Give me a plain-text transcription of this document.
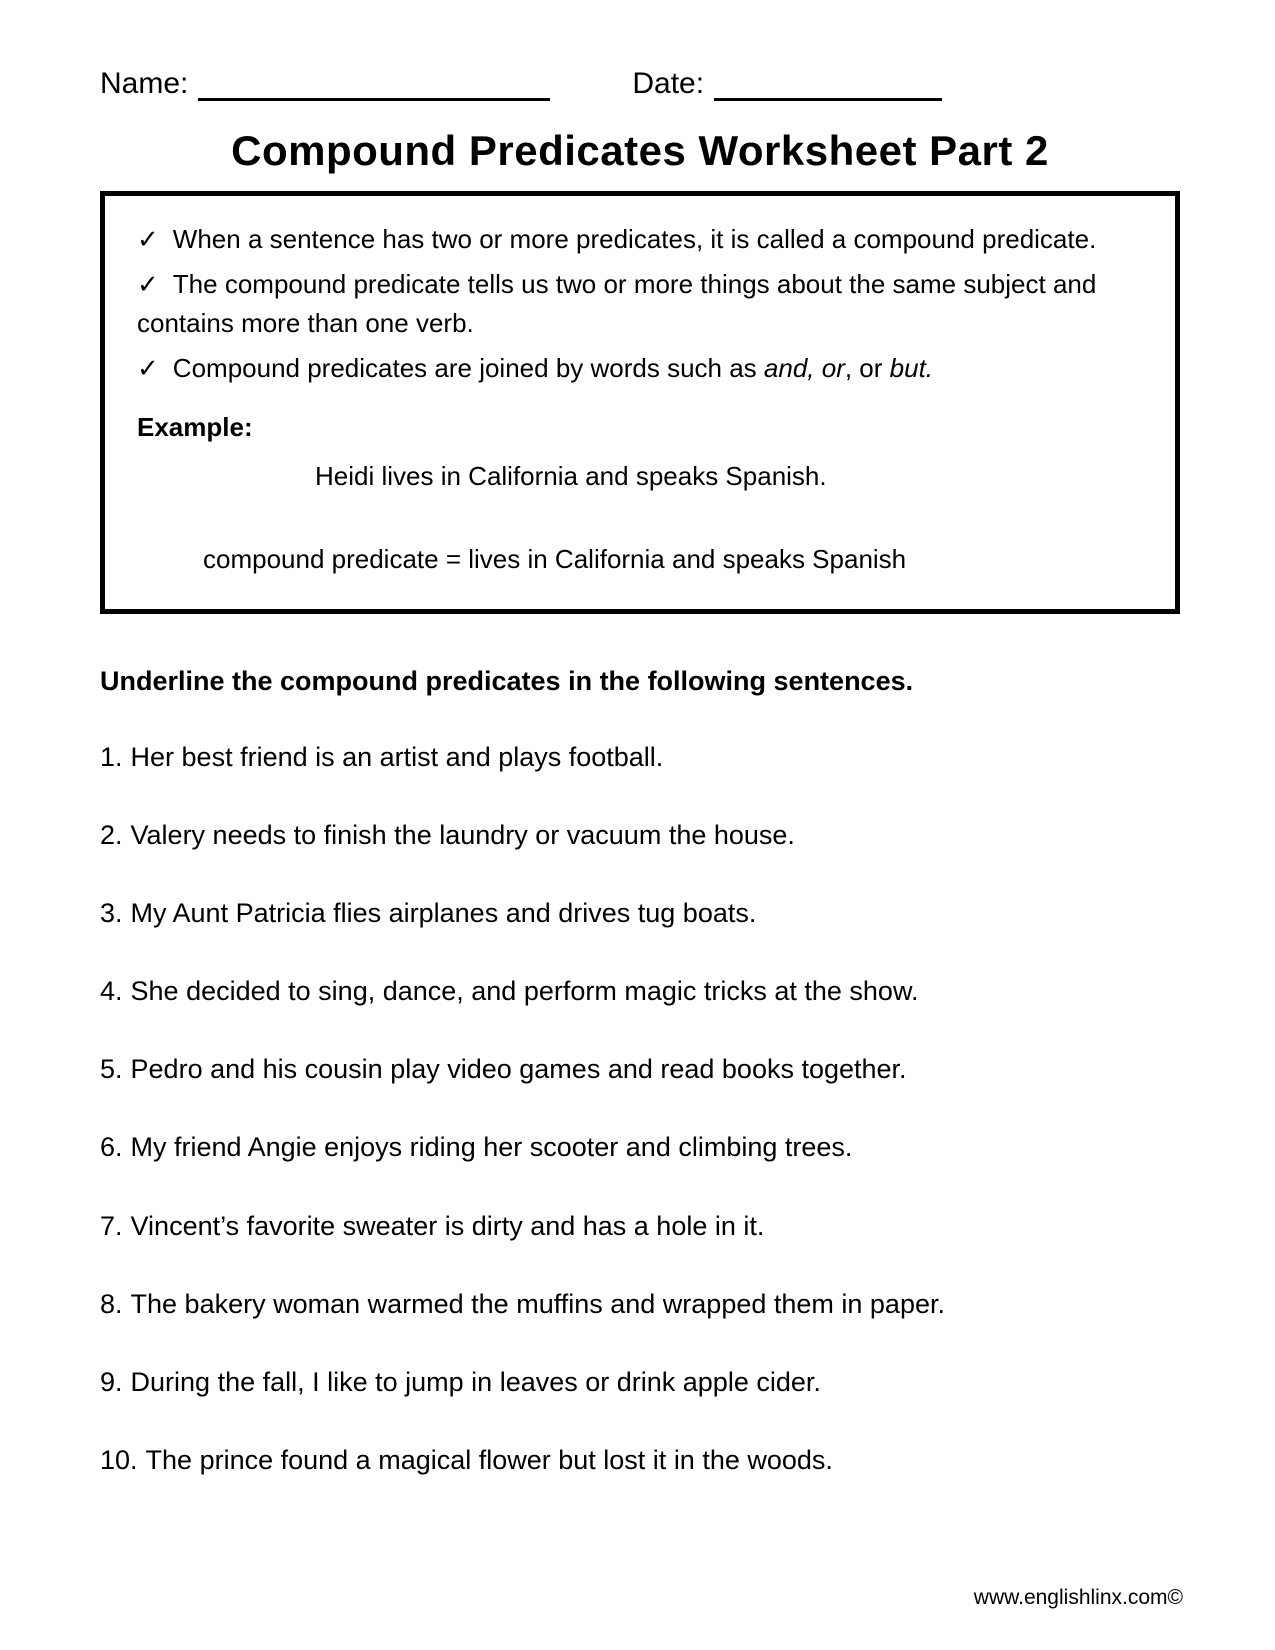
Name:	Date:
Compound Predicates Worksheet Part 2
✓ When a sentence has two or more predicates, it is called a compound predicate.
✓ The compound predicate tells us two or more things about the same subject and contains more than one verb.
✓ Compound predicates are joined by words such as and, or, or but.
Example:
Heidi lives in California and speaks Spanish.
compound predicate = lives in California and speaks Spanish
Underline the compound predicates in the following sentences.
1. Her best friend is an artist and plays football.
2. Valery needs to finish the laundry or vacuum the house.
3. My Aunt Patricia flies airplanes and drives tug boats.
4. She decided to sing, dance, and perform magic tricks at the show.
5. Pedro and his cousin play video games and read books together.
6. My friend Angie enjoys riding her scooter and climbing trees.
7. Vincent’s favorite sweater is dirty and has a hole in it.
8. The bakery woman warmed the muffins and wrapped them in paper.
9. During the fall, I like to jump in leaves or drink apple cider.
10. The prince found a magical flower but lost it in the woods.
www.englishlinx.com©
